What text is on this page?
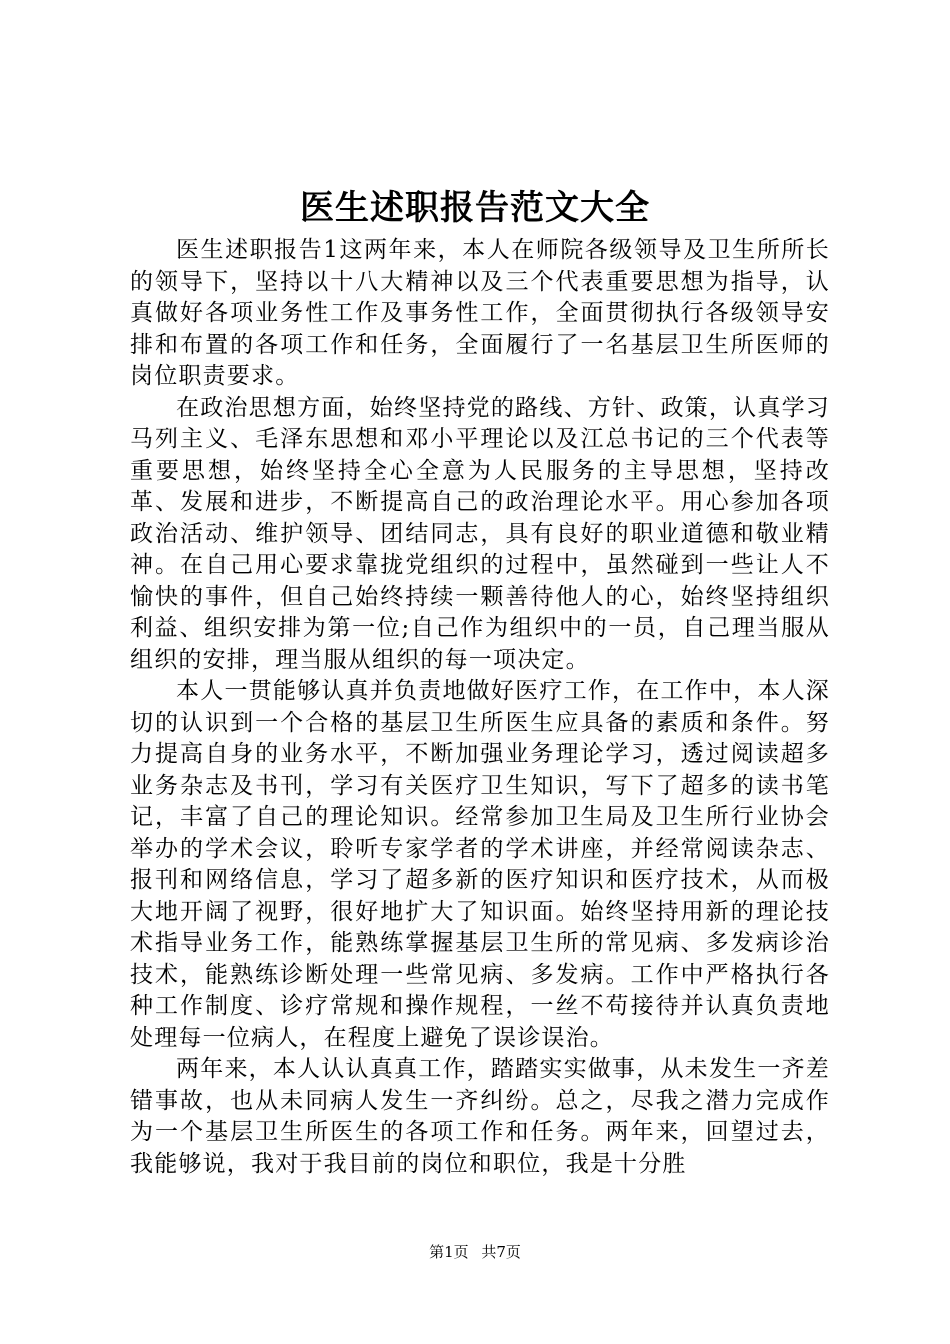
医生述职报告范文大全

医生述职报告1这两年来，本人在师院各级领导及卫生所所长的领导下，坚持以十八大精神以及三个代表重要思想为指导，认真做好各项业务性工作及事务性工作，全面贯彻执行各级领导安排和布置的各项工作和任务，全面履行了一名基层卫生所医师的岗位职责要求。

在政治思想方面，始终坚持党的路线、方针、政策，认真学习马列主义、毛泽东思想和邓小平理论以及江总书记的三个代表等重要思想，始终坚持全心全意为人民服务的主导思想，坚持改革、发展和进步，不断提高自己的政治理论水平。用心参加各项政治活动、维护领导、团结同志，具有良好的职业道德和敬业精神。在自己用心要求靠拢党组织的过程中，虽然碰到一些让人不愉快的事件，但自己始终持续一颗善待他人的心，始终坚持组织利益、组织安排为第一位;自己作为组织中的一员，自己理当服从组织的安排，理当服从组织的每一项决定。

本人一贯能够认真并负责地做好医疗工作，在工作中，本人深切的认识到一个合格的基层卫生所医生应具备的素质和条件。努力提高自身的业务水平，不断加强业务理论学习，透过阅读超多业务杂志及书刊，学习有关医疗卫生知识，写下了超多的读书笔记，丰富了自己的理论知识。经常参加卫生局及卫生所行业协会举办的学术会议，聆听专家学者的学术讲座，并经常阅读杂志、报刊和网络信息，学习了超多新的医疗知识和医疗技术，从而极大地开阔了视野，很好地扩大了知识面。始终坚持用新的理论技术指导业务工作，能熟练掌握基层卫生所的常见病、多发病诊治技术，能熟练诊断处理一些常见病、多发病。工作中严格执行各种工作制度、诊疗常规和操作规程，一丝不苟接待并认真负责地处理每一位病人，在程度上避免了误诊误治。

两年来，本人认认真真工作，踏踏实实做事，从未发生一齐差错事故，也从未同病人发生一齐纠纷。总之，尽我之潜力完成作为一个基层卫生所医生的各项工作和任务。两年来，回望过去，我能够说，我对于我目前的岗位和职位，我是十分胜

第1页 共7页
